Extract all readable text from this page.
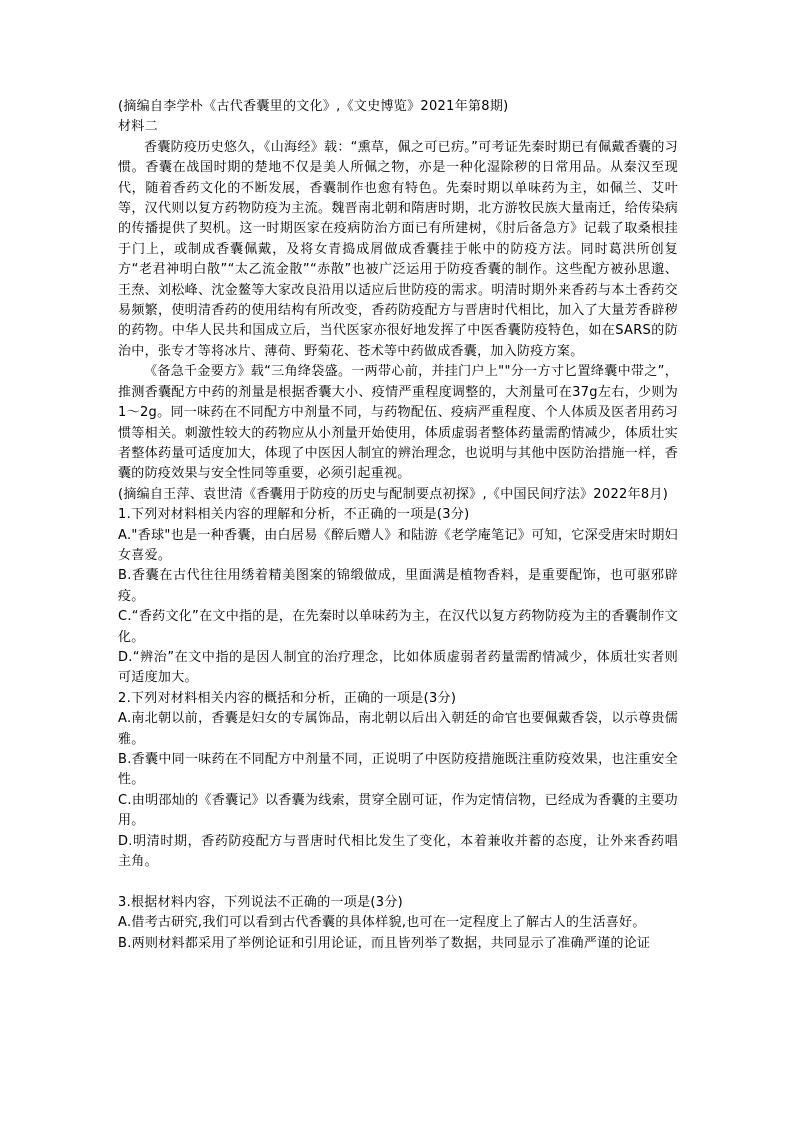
(摘编自李学朴《古代香囊里的文化》,《文史博览》2021年第8期)

材料二

香囊防疫历史悠久，《山海经》载：“熏草，佩之可已疠。”可考证先秦时期已有佩戴香囊的习惯。香囊在战国时期的楚地不仅是美人所佩之物，亦是一种化湿除秽的日常用品。从秦汉至现代，随着香药文化的不断发展，香囊制作也愈有特色。先秦时期以单味药为主，如佩兰、艾叶等，汉代则以复方药物防疫为主流。魏晋南北朝和隋唐时期，北方游牧民族大量南迁，给传染病的传播提供了契机。这一时期医家在疫病防治方面已有所建树，《肘后备急方》记载了取桑根挂于门上，或制成香囊佩戴，及将女青捣成屑做成香囊挂于帐中的防疫方法。同时葛洪所创复方“老君神明白散”“太乙流金散”“赤散”也被广泛运用于防疫香囊的制作。这些配方被孙思邈、王焘、刘松峰、沈金鳌等大家改良沿用以适应后世防疫的需求。明清时期外来香药与本土香药交易频繁，使明清香药的使用结构有所改变，香药防疫配方与晋唐时代相比，加入了大量芳香辟秽的药物。中华人民共和国成立后，当代医家亦很好地发挥了中医香囊防疫特色，如在SARS的防治中，张专才等将冰片、薄荷、野菊花、苍术等中药做成香囊，加入防疫方案。

《备急千金要方》载“三角绛袋盛。一两带心前，并挂门户上""分一方寸匕置绛囊中带之”，推测香囊配方中药的剂量是根据香囊大小、疫情严重程度调整的，大剂量可在37g左右，少则为1～2g。同一味药在不同配方中剂量不同，与药物配伍、疫病严重程度、个人体质及医者用药习惯等相关。刺激性较大的药物应从小剂量开始使用，体质虚弱者整体药量需酌情减少，体质壮实者整体药量可适度加大，体现了中医因人制宜的辨治理念，也说明与其他中医防治措施一样，香囊的防疫效果与安全性同等重要，必须引起重视。

(摘编自王萍、袁世清《香囊用于防疫的历史与配制要点初探》,《中国民间疗法》2022年8月)

1.下列对材料相关内容的理解和分析，不正确的一项是(3分)

A."香球"也是一种香囊，由白居易《醉后赠人》和陆游《老学庵笔记》可知，它深受唐宋时期妇女喜爱。

B.香囊在古代往往用绣着精美图案的锦缎做成，里面满是植物香料，是重要配饰，也可驱邪辟疫。

C.“香药文化”在文中指的是，在先秦时以单味药为主，在汉代以复方药物防疫为主的香囊制作文化。

D.“辨治”在文中指的是因人制宜的治疗理念，比如体质虚弱者药量需酌情减少，体质壮实者则可适度加大。

2.下列对材料相关内容的概括和分析，正确的一项是(3分)

A.南北朝以前，香囊是妇女的专属饰品，南北朝以后出入朝廷的命官也要佩戴香袋，以示尊贵儒雅。

B.香囊中同一味药在不同配方中剂量不同，正说明了中医防疫措施既注重防疫效果，也注重安全性。

C.由明邵灿的《香囊记》以香囊为线索，贯穿全剧可证，作为定情信物，已经成为香囊的主要功用。

D.明清时期，香药防疫配方与晋唐时代相比发生了变化，本着兼收并蓄的态度，让外来香药唱主角。

3.根据材料内容，下列说法不正确的一项是(3分)

A.借考古研究,我们可以看到古代香囊的具体样貌,也可在一定程度上了解古人的生活喜好。

B.两则材料都采用了举例论证和引用论证，而且皆列举了数据，共同显示了准确严谨的论证
